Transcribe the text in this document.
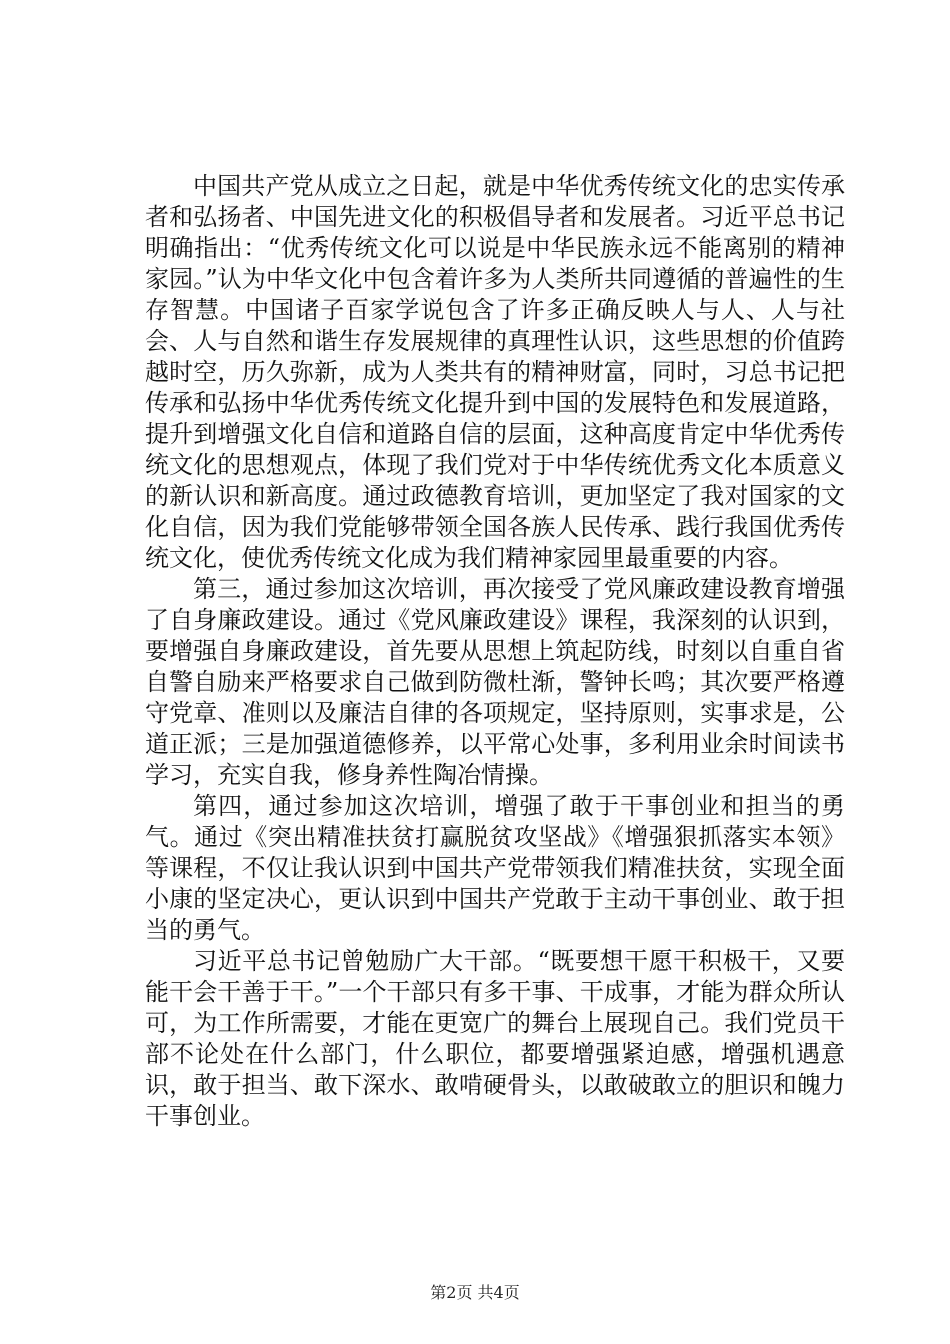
中国共产党从成立之日起，就是中华优秀传统文化的忠实传承者和弘扬者、中国先进文化的积极倡导者和发展者。习近平总书记明确指出：“优秀传统文化可以说是中华民族永远不能离别的精神家园。”认为中华文化中包含着许多为人类所共同遵循的普遍性的生存智慧。中国诸子百家学说包含了许多正确反映人与人、人与社会、人与自然和谐生存发展规律的真理性认识，这些思想的价值跨越时空，历久弥新，成为人类共有的精神财富，同时，习总书记把传承和弘扬中华优秀传统文化提升到中国的发展特色和发展道路，提升到增强文化自信和道路自信的层面，这种高度肯定中华优秀传统文化的思想观点，体现了我们党对于中华传统优秀文化本质意义的新认识和新高度。通过政德教育培训，更加坚定了我对国家的文化自信，因为我们党能够带领全国各族人民传承、践行我国优秀传统文化，使优秀传统文化成为我们精神家园里最重要的内容。

第三，通过参加这次培训，再次接受了党风廉政建设教育增强了自身廉政建设。通过《党风廉政建设》课程，我深刻的认识到，要增强自身廉政建设，首先要从思想上筑起防线，时刻以自重自省自警自励来严格要求自己做到防微杜渐，警钟长鸣；其次要严格遵守党章、准则以及廉洁自律的各项规定，坚持原则，实事求是，公道正派；三是加强道德修养，以平常心处事，多利用业余时间读书学习，充实自我，修身养性陶冶情操。

第四，通过参加这次培训，增强了敢于干事创业和担当的勇气。通过《突出精准扶贫打赢脱贫攻坚战》《增强狠抓落实本领》等课程，不仅让我认识到中国共产党带领我们精准扶贫，实现全面小康的坚定决心，更认识到中国共产党敢于主动干事创业、敢于担当的勇气。

习近平总书记曾勉励广大干部。“既要想干愿干积极干，又要能干会干善于干。”一个干部只有多干事、干成事，才能为群众所认可，为工作所需要，才能在更宽广的舞台上展现自己。我们党员干部不论处在什么部门，什么职位，都要增强紧迫感，增强机遇意识，敢于担当、敢下深水、敢啃硬骨头，以敢破敢立的胆识和魄力干事创业。

第2页 共4页
